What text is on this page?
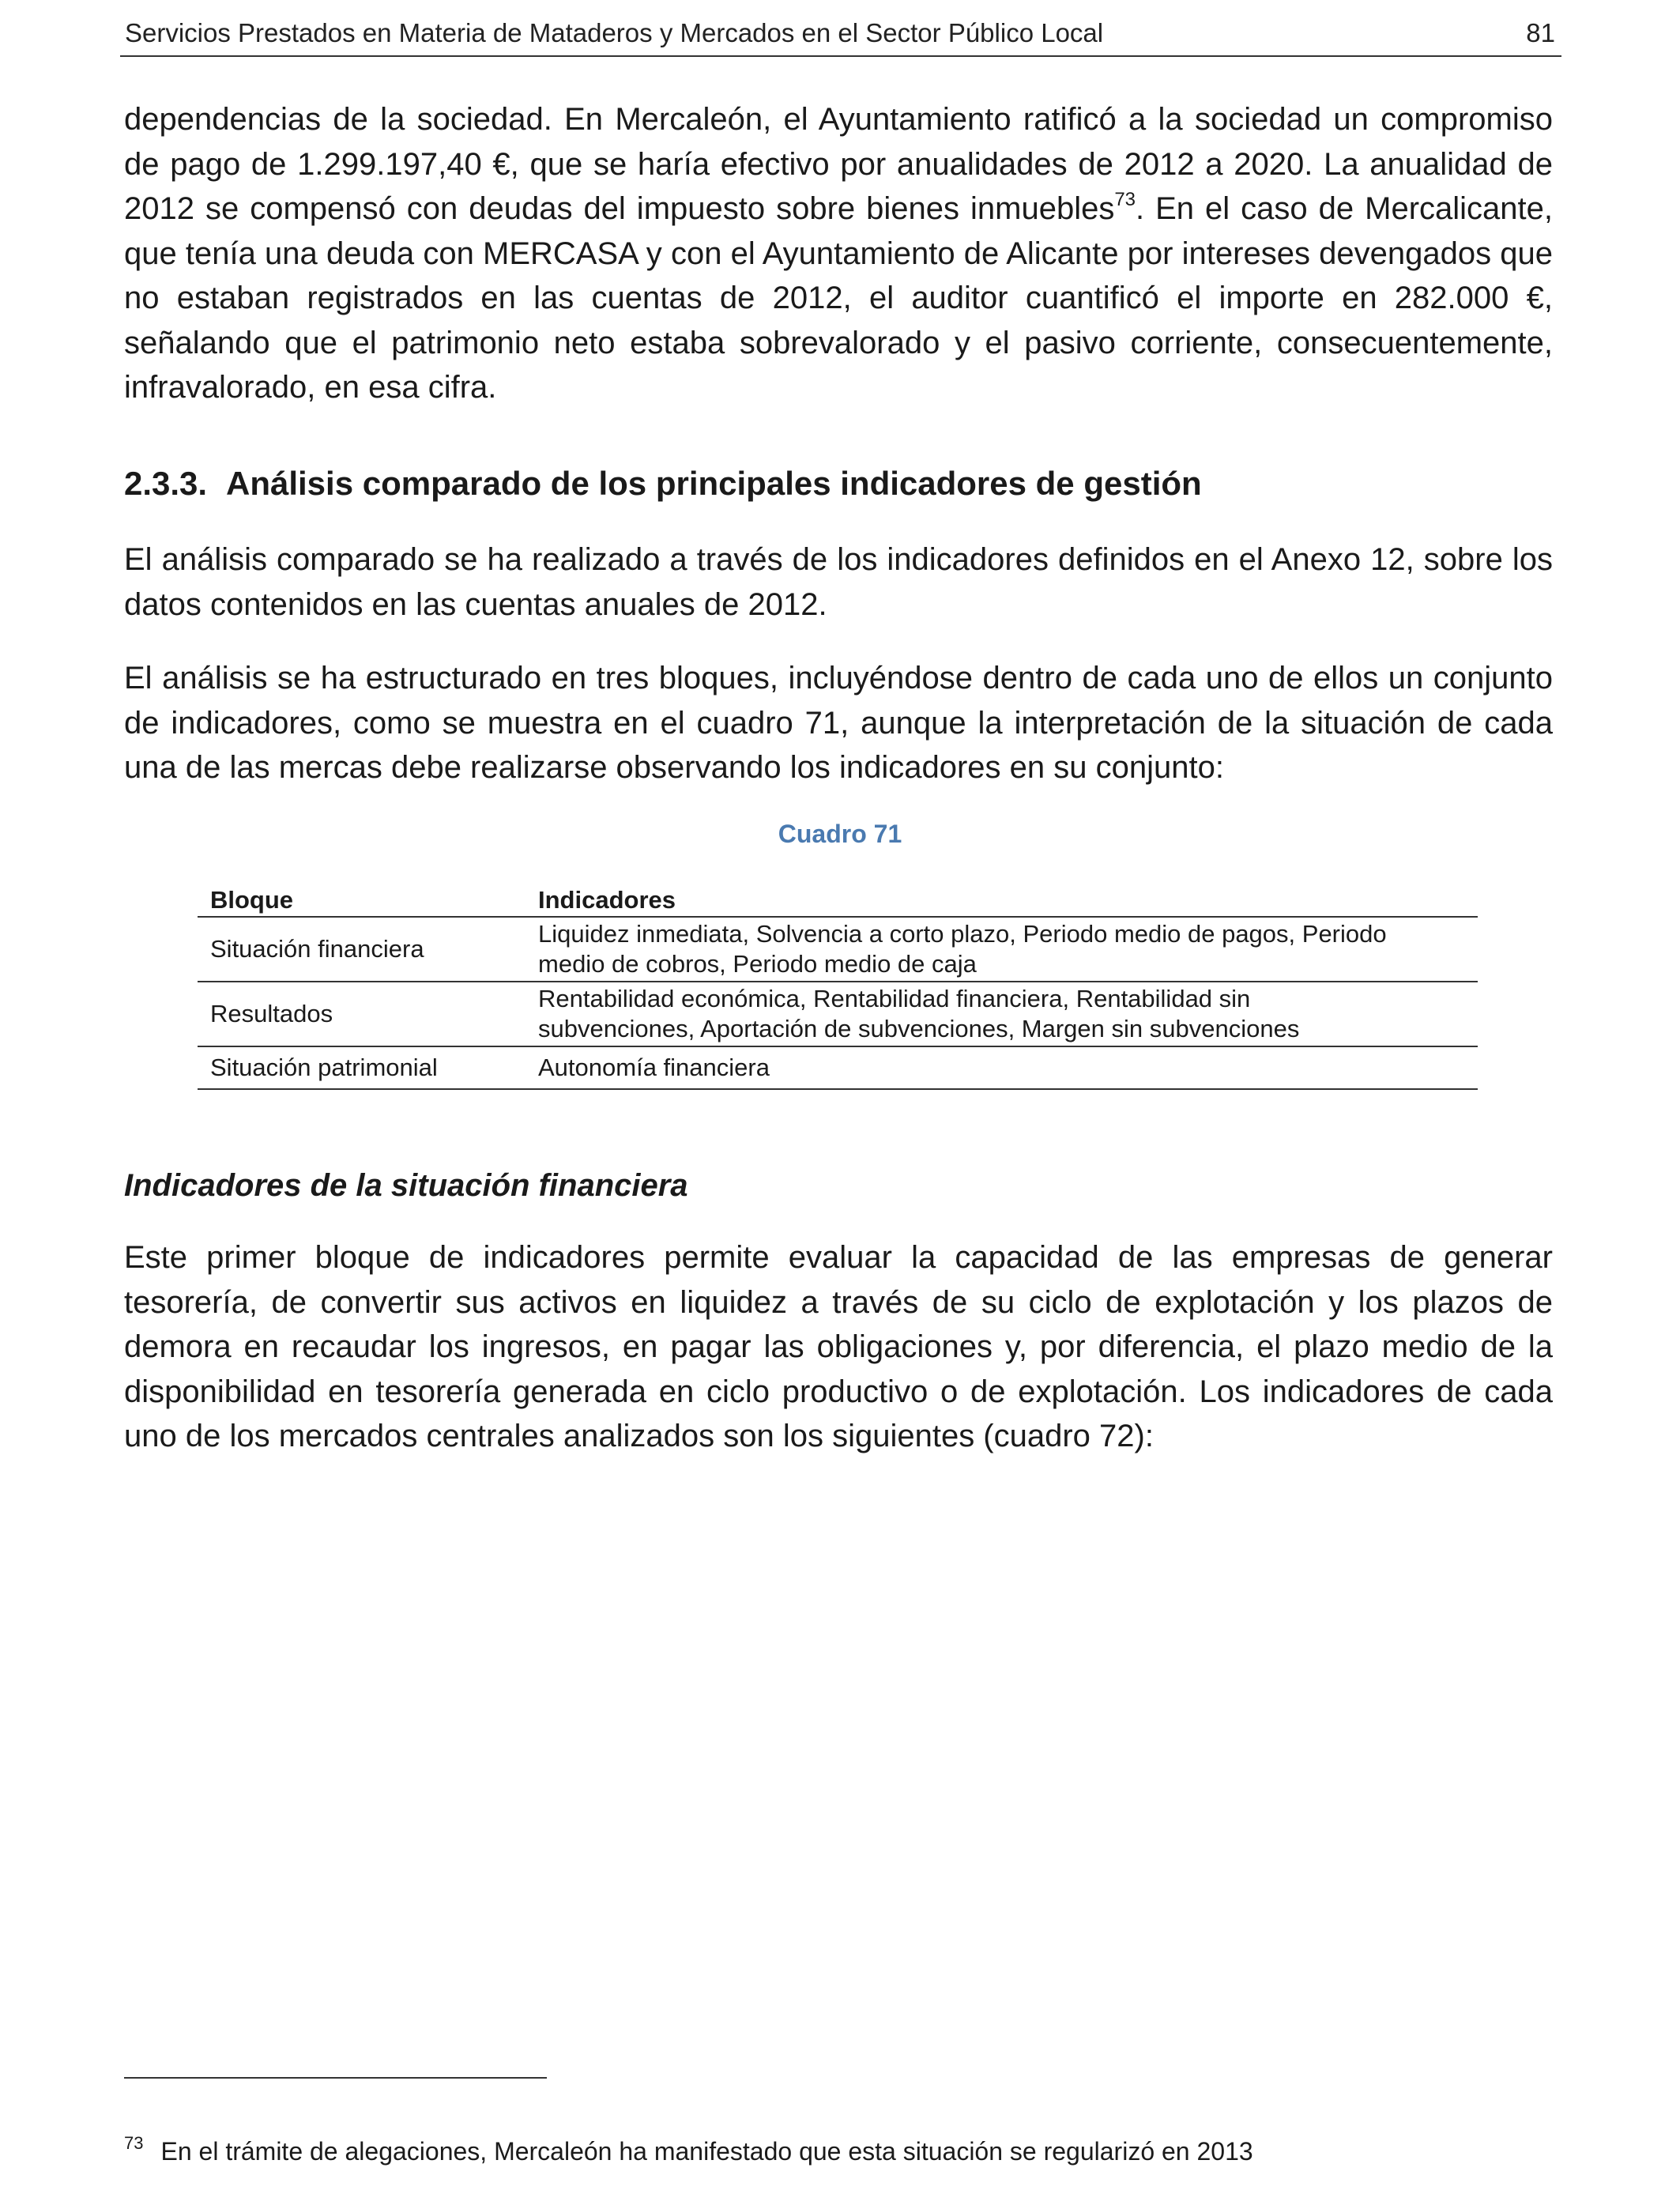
Servicios Prestados en Materia de Mataderos y Mercados en el Sector Público Local	81

dependencias de la sociedad. En Mercaleón, el Ayuntamiento ratificó a la sociedad un compromiso de pago de 1.299.197,40 €, que se haría efectivo por anualidades de 2012 a 2020. La anualidad de 2012 se compensó con deudas del impuesto sobre bienes inmuebles$^{73}$. En el caso de Mercalicante, que tenía una deuda con MERCASA y con el Ayuntamiento de Alicante por intereses devengados que no estaban registrados en las cuentas de 2012, el auditor cuantificó el importe en 282.000 €, señalando que el patrimonio neto estaba sobrevalorado y el pasivo corriente, consecuentemente, infravalorado, en esa cifra.

2.3.3. Análisis comparado de los principales indicadores de gestión

El análisis comparado se ha realizado a través de los indicadores definidos en el Anexo 12, sobre los datos contenidos en las cuentas anuales de 2012.

El análisis se ha estructurado en tres bloques, incluyéndose dentro de cada uno de ellos un conjunto de indicadores, como se muestra en el cuadro 71, aunque la interpretación de la situación de cada una de las mercas debe realizarse observando los indicadores en su conjunto:

Cuadro 71
Bloque	Indicadores
Situación financiera	Liquidez inmediata, Solvencia a corto plazo, Periodo medio de pagos, Periodo
medio de cobros, Periodo medio de caja
Resultados	Rentabilidad económica, Rentabilidad financiera, Rentabilidad sin
subvenciones, Aportación de subvenciones, Margen sin subvenciones
Situación patrimonial	Autonomía financiera
Indicadores de la situación financiera

Este primer bloque de indicadores permite evaluar la capacidad de las empresas de generar tesorería, de convertir sus activos en liquidez a través de su ciclo de explotación y los plazos de demora en recaudar los ingresos, en pagar las obligaciones y, por diferencia, el plazo medio de la disponibilidad en tesorería generada en ciclo productivo o de explotación. Los indicadores de cada uno de los mercados centrales analizados son los siguientes (cuadro 72):

$^{73}$ En el trámite de alegaciones, Mercaleón ha manifestado que esta situación se regularizó en 2013
